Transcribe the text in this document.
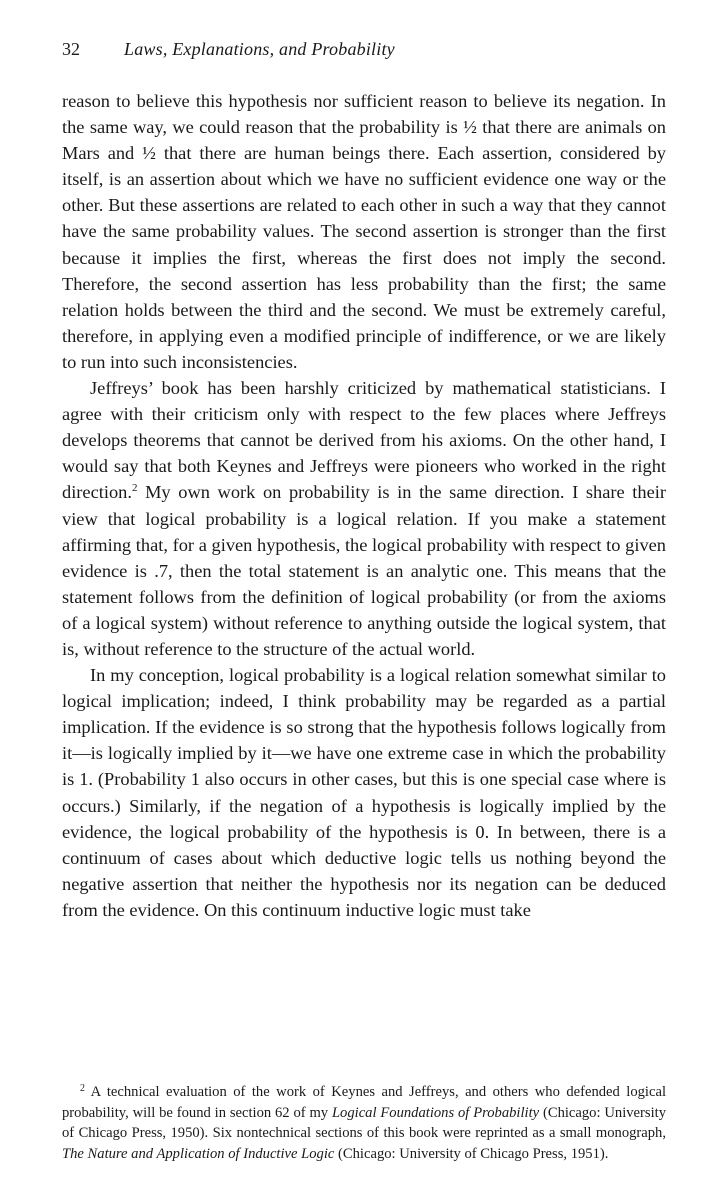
32 Laws, Explanations, and Probability

reason to believe this hypothesis nor sufficient reason to believe its negation. In the same way, we could reason that the probability is ½ that there are animals on Mars and ½ that there are human beings there. Each assertion, considered by itself, is an assertion about which we have no sufficient evidence one way or the other. But these assertions are related to each other in such a way that they cannot have the same probability values. The second assertion is stronger than the first because it implies the first, whereas the first does not imply the second. Therefore, the second assertion has less probability than the first; the same relation holds between the third and the second. We must be extremely careful, therefore, in applying even a modified principle of indifference, or we are likely to run into such inconsistencies.

Jeffreys’ book has been harshly criticized by mathematical statisticians. I agree with their criticism only with respect to the few places where Jeffreys develops theorems that cannot be derived from his axioms. On the other hand, I would say that both Keynes and Jeffreys were pioneers who worked in the right direction.$^2$ My own work on probability is in the same direction. I share their view that logical probability is a logical relation. If you make a statement affirming that, for a given hypothesis, the logical probability with respect to given evidence is .7, then the total statement is an analytic one. This means that the statement follows from the definition of logical probability (or from the axioms of a logical system) without reference to anything outside the logical system, that is, without reference to the structure of the actual world.

In my conception, logical probability is a logical relation somewhat similar to logical implication; indeed, I think probability may be regarded as a partial implication. If the evidence is so strong that the hypothesis follows logically from it—is logically implied by it—we have one extreme case in which the probability is 1. (Probability 1 also occurs in other cases, but this is one special case where is occurs.) Similarly, if the negation of a hypothesis is logically implied by the evidence, the logical probability of the hypothesis is 0. In between, there is a continuum of cases about which deductive logic tells us nothing beyond the negative assertion that neither the hypothesis nor its negation can be deduced from the evidence. On this continuum inductive logic must take

$^2$ A technical evaluation of the work of Keynes and Jeffreys, and others who defended logical probability, will be found in section 62 of my Logical Foundations of Probability (Chicago: University of Chicago Press, 1950). Six nontechnical sections of this book were reprinted as a small monograph, The Nature and Application of Inductive Logic (Chicago: University of Chicago Press, 1951).
